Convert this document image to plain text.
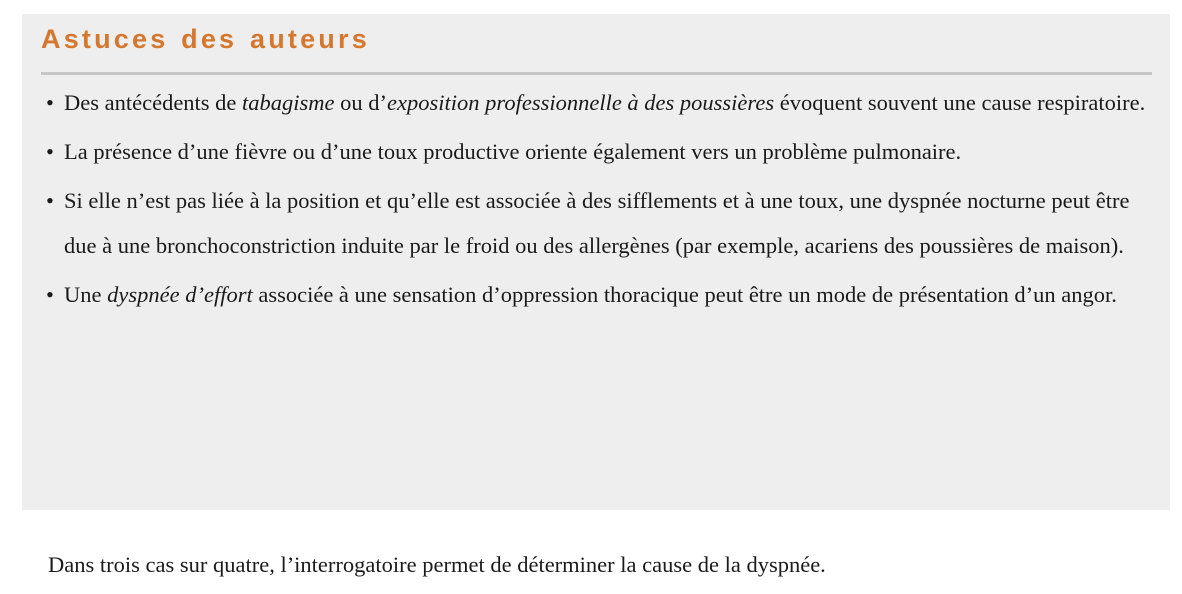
Astuces des auteurs
• Des antécédents de tabagisme ou d’exposition professionnelle à des poussières évoquent souvent une cause respiratoire.
• La présence d’une fièvre ou d’une toux productive oriente également vers un problème pulmonaire.
• Si elle n’est pas liée à la position et qu’elle est associée à des sifflements et à une toux, une dyspnée nocturne peut être due à une bronchoconstriction induite par le froid ou des allergènes (par exemple, acariens des poussières de maison).
• Une dyspnée d’effort associée à une sensation d’oppression thoracique peut être un mode de présentation d’un angor.

Dans trois cas sur quatre, l’interrogatoire permet de déterminer la cause de la dyspnée.
